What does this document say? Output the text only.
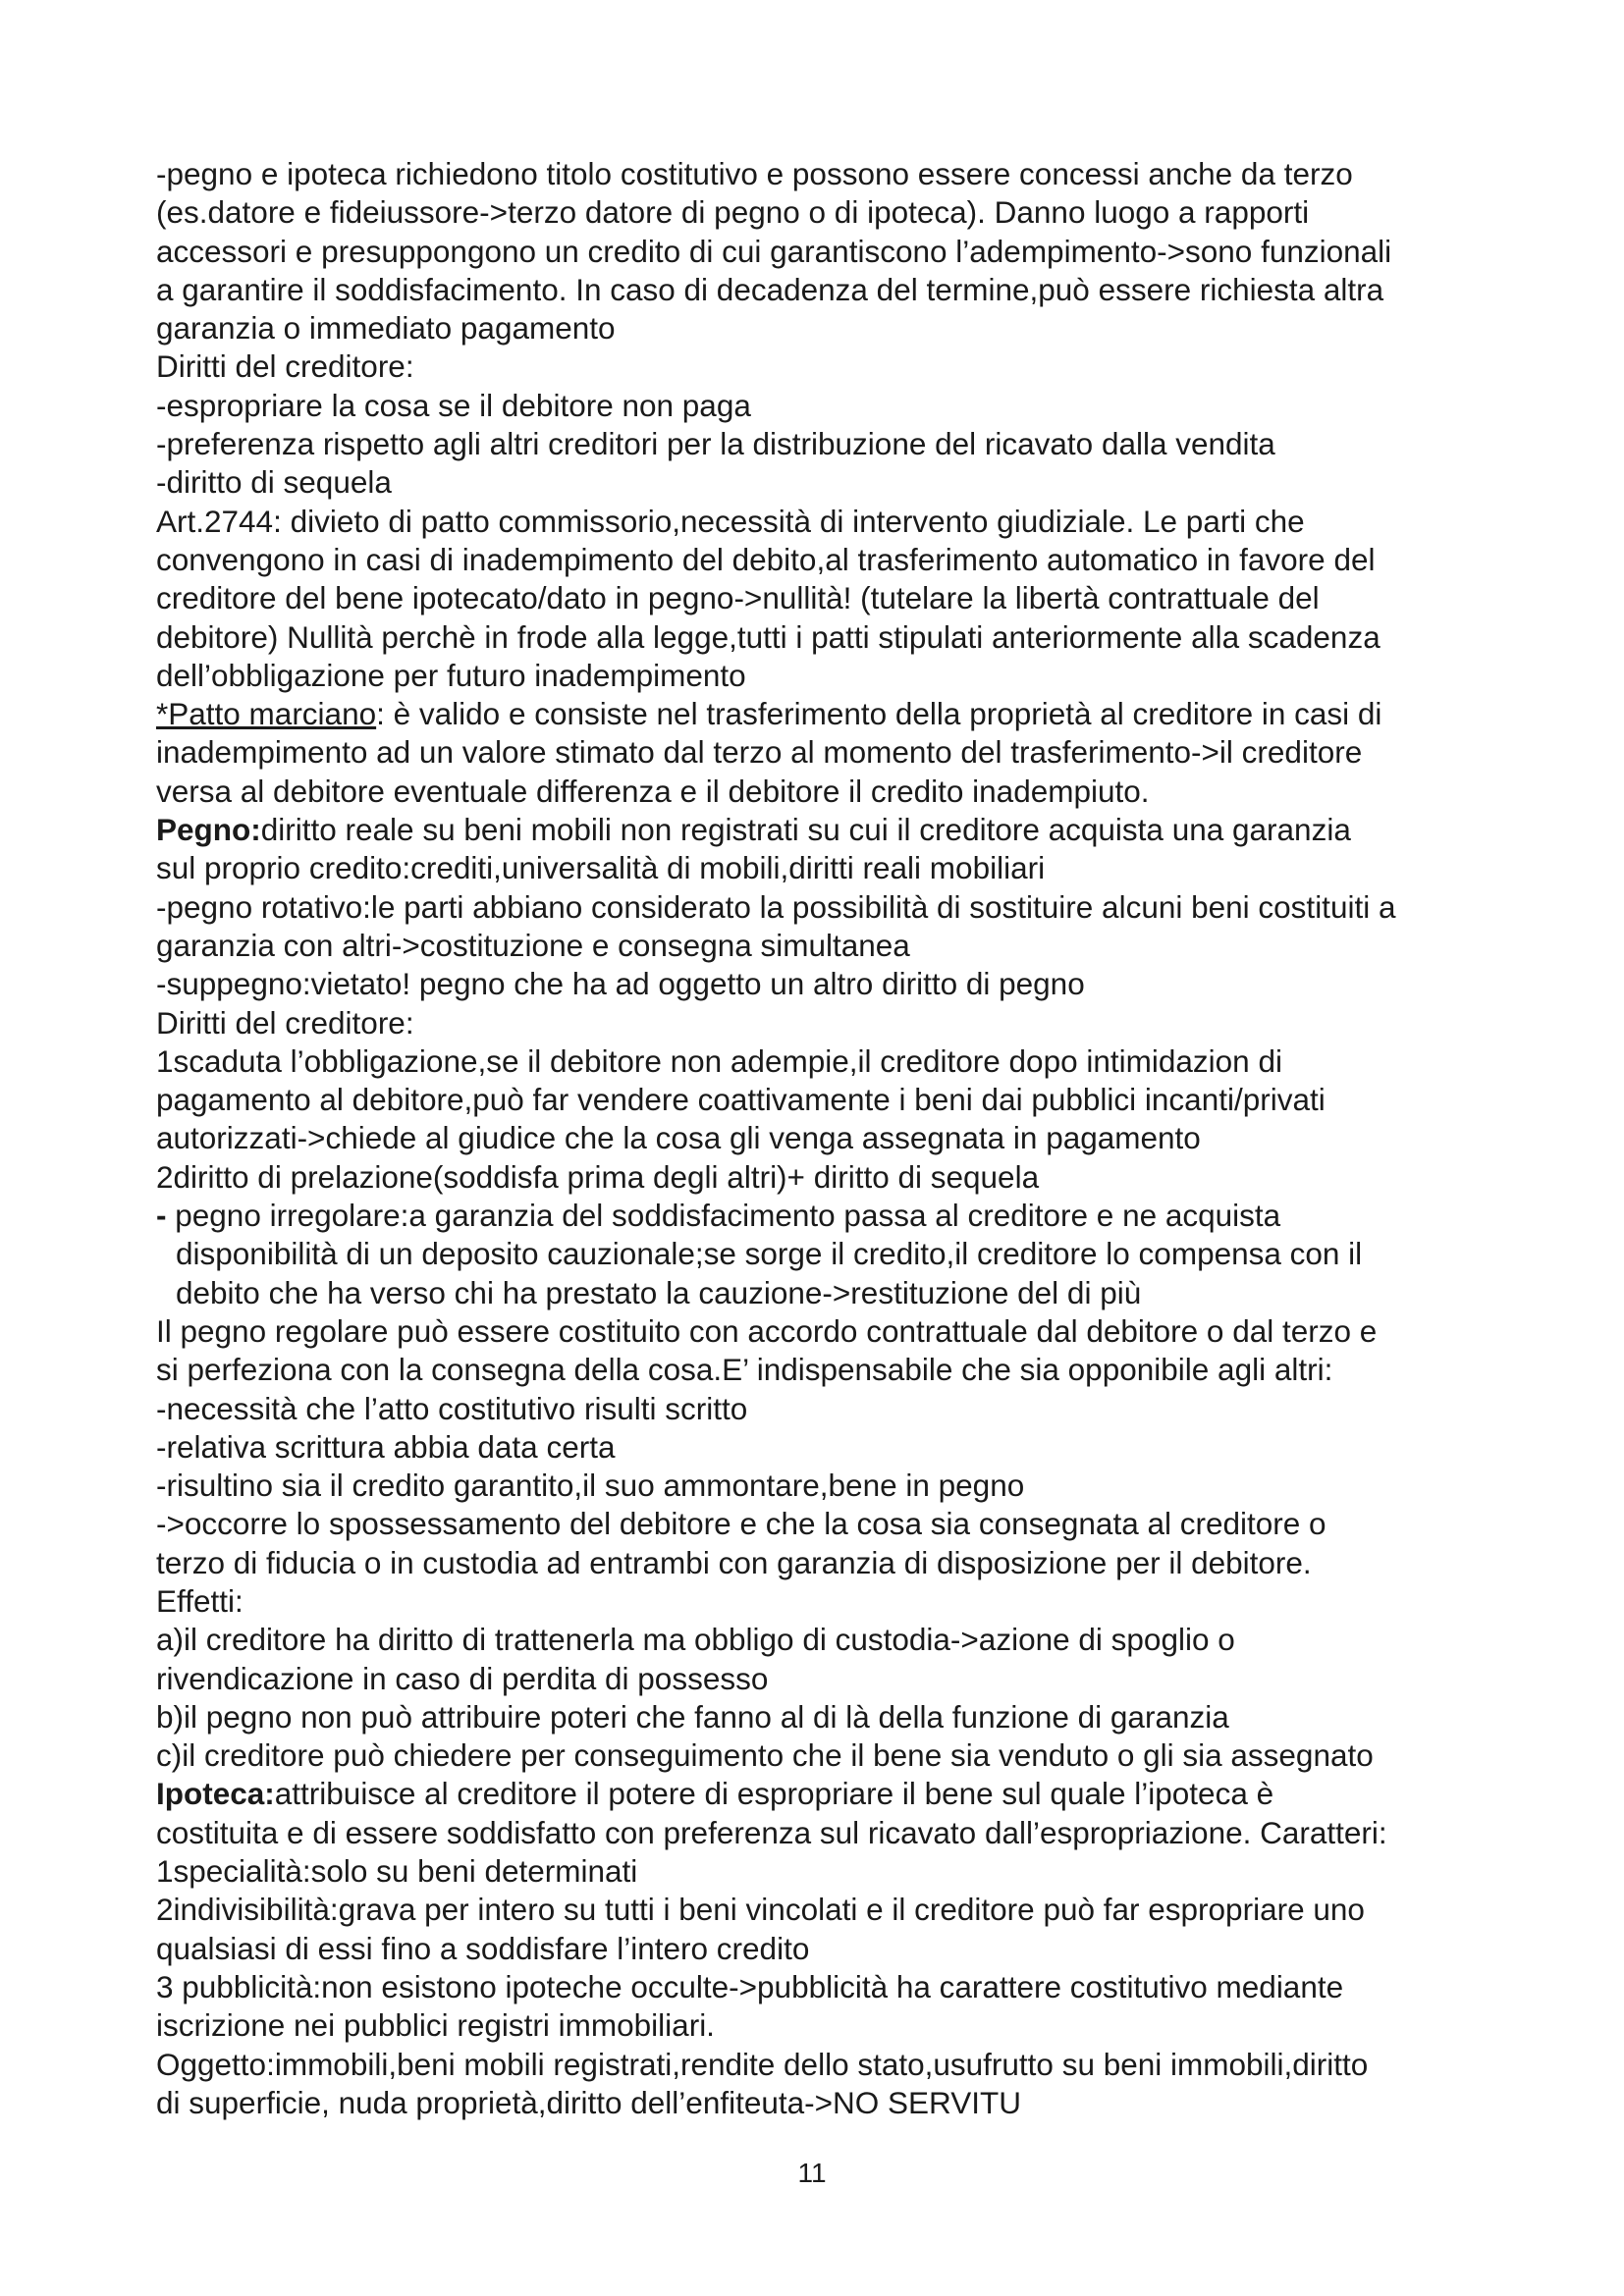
-pegno e ipoteca richiedono titolo costitutivo e possono essere concessi anche da terzo
(es.datore e fideiussore->terzo datore di pegno o di ipoteca). Danno luogo a rapporti
accessori e presuppongono un credito di cui garantiscono l’adempimento->sono funzionali
a garantire il soddisfacimento. In caso di decadenza del termine,può essere richiesta altra
garanzia o immediato pagamento
Diritti del creditore:
-espropriare la cosa se il debitore non paga
-preferenza rispetto agli altri creditori per la distribuzione del ricavato dalla vendita
-diritto di sequela
Art.2744: divieto di patto commissorio,necessità di intervento giudiziale. Le parti che
convengono in casi di inadempimento del debito,al trasferimento automatico in favore del
creditore del bene ipotecato/dato in pegno->nullità! (tutelare la libertà contrattuale del
debitore) Nullità perchè in frode alla legge,tutti i patti stipulati anteriormente alla scadenza
dell’obbligazione per futuro inadempimento
*Patto marciano: è valido e consiste nel trasferimento della proprietà al creditore in casi di
inadempimento ad un valore stimato dal terzo al momento del trasferimento->il creditore
versa al debitore eventuale differenza e il debitore il credito inadempiuto.
Pegno:diritto reale su beni mobili non registrati su cui il creditore acquista una garanzia
sul proprio credito:crediti,universalità di mobili,diritti reali mobiliari
-pegno rotativo:le parti abbiano considerato la possibilità di sostituire alcuni beni costituiti a
garanzia con altri->costituzione e consegna simultanea
-suppegno:vietato! pegno che ha ad oggetto un altro diritto di pegno
Diritti del creditore:
1scaduta l’obbligazione,se il debitore non adempie,il creditore dopo intimidazion di
pagamento al debitore,può far vendere coattivamente i beni dai pubblici incanti/privati
autorizzati->chiede al giudice che la cosa gli venga assegnata in pagamento
2diritto di prelazione(soddisfa prima degli altri)+ diritto di sequela
- pegno irregolare:a garanzia del soddisfacimento passa al creditore e ne acquista
disponibilità di un deposito cauzionale;se sorge il credito,il creditore lo compensa con il
debito che ha verso chi ha prestato la cauzione->restituzione del di più
Il pegno regolare può essere costituito con accordo contrattuale dal debitore o dal terzo e
si perfeziona con la consegna della cosa.E’ indispensabile che sia opponibile agli altri:
-necessità che l’atto costitutivo risulti scritto
-relativa scrittura abbia data certa
-risultino sia il credito garantito,il suo ammontare,bene in pegno
->occorre lo spossessamento del debitore e che la cosa sia consegnata al creditore o
terzo di fiducia o in custodia ad entrambi con garanzia di disposizione per il debitore.
Effetti:
a)il creditore ha diritto di trattenerla ma obbligo di custodia->azione di spoglio o
rivendicazione in caso di perdita di possesso
b)il pegno non può attribuire poteri che fanno al di là della funzione di garanzia
c)il creditore può chiedere per conseguimento che il bene sia venduto o gli sia assegnato
Ipoteca:attribuisce al creditore il potere di espropriare il bene sul quale l’ipoteca è
costituita e di essere soddisfatto con preferenza sul ricavato dall’espropriazione. Caratteri:
1specialità:solo su beni determinati
2indivisibilità:grava per intero su tutti i beni vincolati e il creditore può far espropriare uno
qualsiasi di essi fino a soddisfare l’intero credito
3 pubblicità:non esistono ipoteche occulte->pubblicità ha carattere costitutivo mediante
iscrizione nei pubblici registri immobiliari.
Oggetto:immobili,beni mobili registrati,rendite dello stato,usufrutto su beni immobili,diritto
di superficie, nuda proprietà,diritto dell’enfiteuta->NO SERVITU
11
